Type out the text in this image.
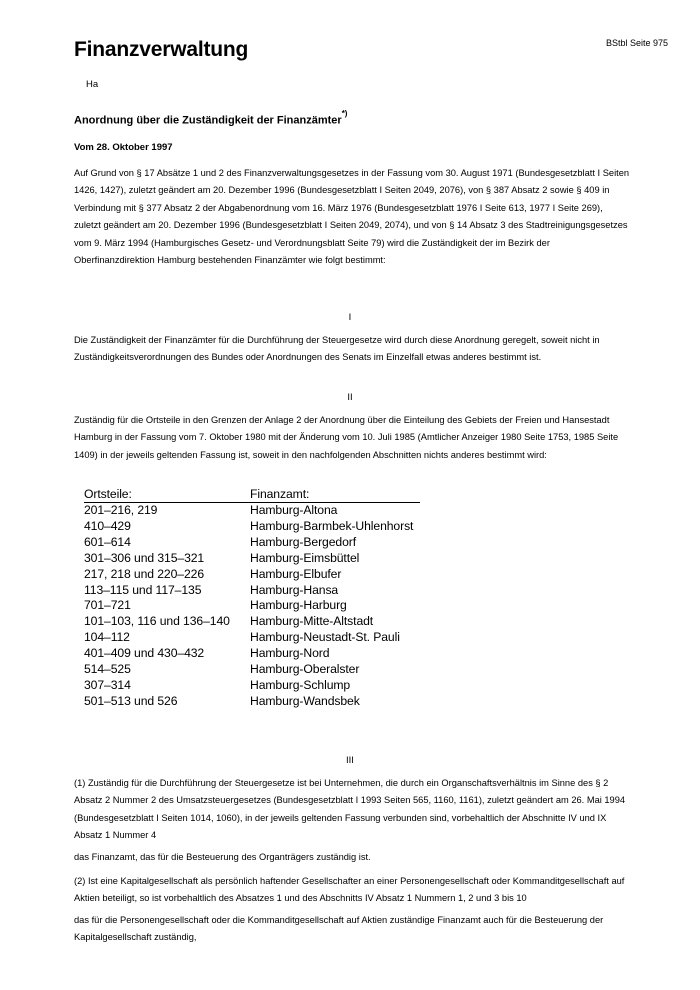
BStbl Seite 975
Finanzverwaltung
Ha
Anordnung über die Zuständigkeit der Finanzämter*)
Vom 28. Oktober 1997

Auf Grund von § 17 Absätze 1 und 2 des Finanzverwaltungsgesetzes in der Fassung vom 30. August 1971 (Bundesgesetzblatt I Seiten 1426, 1427), zuletzt geändert am 20. Dezember 1996 (Bundesgesetzblatt I Seiten 2049, 2076), von § 387 Absatz 2 sowie § 409 in Verbindung mit § 377 Absatz 2 der Abgabenordnung vom 16. März 1976 (Bundesgesetzblatt 1976 I Seite 613, 1977 I Seite 269), zuletzt geändert am 20. Dezember 1996 (Bundesgesetzblatt I Seiten 2049, 2074), und von § 14 Absatz 3 des Stadtreinigungsgesetzes vom 9. März 1994 (Hamburgisches Gesetz- und Verordnungsblatt Seite 79) wird die Zuständigkeit der im Bezirk der Oberfinanzdirektion Hamburg bestehenden Finanzämter wie folgt bestimmt:

I

Die Zuständigkeit der Finanzämter für die Durchführung der Steuergesetze wird durch diese Anordnung geregelt, soweit nicht in Zuständigkeitsverordnungen des Bundes oder Anordnungen des Senats im Einzelfall etwas anderes bestimmt ist.

II

Zuständig für die Ortsteile in den Grenzen der Anlage 2 der Anordnung über die Einteilung des Gebiets der Freien und Hansestadt Hamburg in der Fassung vom 7. Oktober 1980 mit der Änderung vom 10. Juli 1985 (Amtlicher Anzeiger 1980 Seite 1753, 1985 Seite 1409) in der jeweils geltenden Fassung ist, soweit in den nachfolgenden Abschnitten nichts anderes bestimmt wird:

Ortsteile:	Finanzamt:
201–216, 219	Hamburg-Altona
410–429	Hamburg-Barmbek-Uhlenhorst
601–614	Hamburg-Bergedorf
301–306 und 315–321	Hamburg-Eimsbüttel
217, 218 und 220–226	Hamburg-Elbufer
113–115 und 117–135	Hamburg-Hansa
701–721	Hamburg-Harburg
101–103, 116 und 136–140	Hamburg-Mitte-Altstadt
104–112	Hamburg-Neustadt-St. Pauli
401–409 und 430–432	Hamburg-Nord
514–525	Hamburg-Oberalster
307–314	Hamburg-Schlump
501–513 und 526	Hamburg-Wandsbek
III

(1) Zuständig für die Durchführung der Steuergesetze ist bei Unternehmen, die durch ein Organschaftsverhältnis im Sinne des § 2 Absatz 2 Nummer 2 des Umsatzsteuergesetzes (Bundesgesetzblatt I 1993 Seiten 565, 1160, 1161), zuletzt geändert am 26. Mai 1994 (Bundesgesetzblatt I Seiten 1014, 1060), in der jeweils geltenden Fassung verbunden sind, vorbehaltlich der Abschnitte IV und IX Absatz 1 Nummer 4

das Finanzamt, das für die Besteuerung des Organträgers zuständig ist.

(2) Ist eine Kapitalgesellschaft als persönlich haftender Gesellschafter an einer Personengesellschaft oder Kommanditgesellschaft auf Aktien beteiligt, so ist vorbehaltlich des Absatzes 1 und des Abschnitts IV Absatz 1 Nummern 1, 2 und 3 bis 10

das für die Personengesellschaft oder die Kommanditgesellschaft auf Aktien zuständige Finanzamt auch für die Besteuerung der Kapitalgesellschaft zuständig,
